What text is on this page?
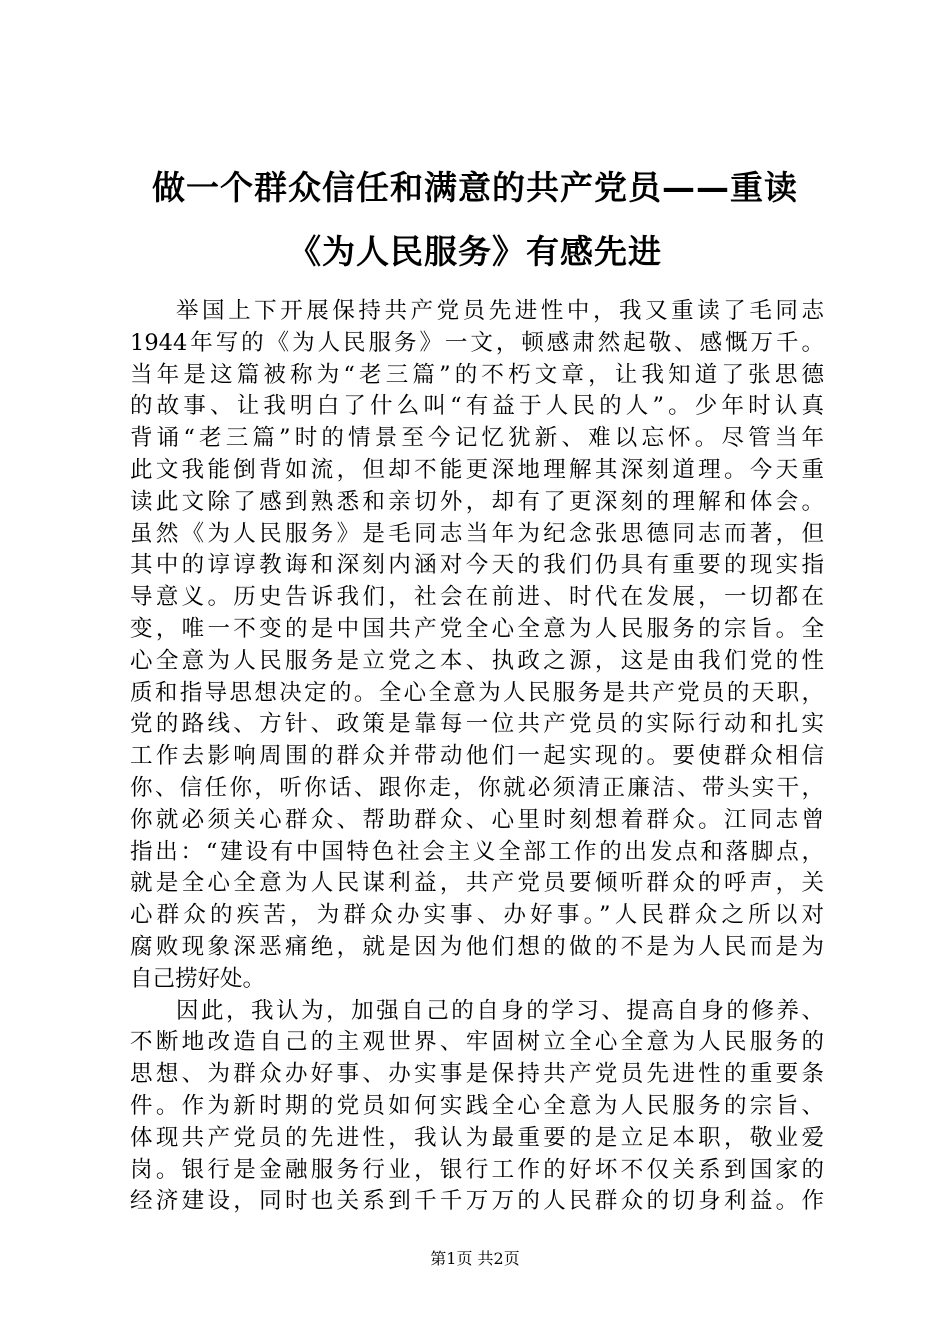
做一个群众信任和满意的共产党员——重读
《为人民服务》有感先进
举国上下开展保持共产党员先进性中，我又重读了毛同志
1944年写的《为人民服务》一文，顿感肃然起敬、感慨万千。
当年是这篇被称为“老三篇”的不朽文章，让我知道了张思德
的故事、让我明白了什么叫“有益于人民的人”。少年时认真
背诵“老三篇”时的情景至今记忆犹新、难以忘怀。尽管当年
此文我能倒背如流，但却不能更深地理解其深刻道理。今天重
读此文除了感到熟悉和亲切外，却有了更深刻的理解和体会。
虽然《为人民服务》是毛同志当年为纪念张思德同志而著，但
其中的谆谆教诲和深刻内涵对今天的我们仍具有重要的现实指
导意义。历史告诉我们，社会在前进、时代在发展，一切都在
变，唯一不变的是中国共产党全心全意为人民服务的宗旨。全
心全意为人民服务是立党之本、执政之源，这是由我们党的性
质和指导思想决定的。全心全意为人民服务是共产党员的天职，
党的路线、方针、政策是靠每一位共产党员的实际行动和扎实
工作去影响周围的群众并带动他们一起实现的。要使群众相信
你、信任你，听你话、跟你走，你就必须清正廉洁、带头实干，
你就必须关心群众、帮助群众、心里时刻想着群众。江同志曾
指出：“建设有中国特色社会主义全部工作的出发点和落脚点，
就是全心全意为人民谋利益，共产党员要倾听群众的呼声，关
心群众的疾苦，为群众办实事、办好事。”人民群众之所以对
腐败现象深恶痛绝，就是因为他们想的做的不是为人民而是为
自己捞好处。
因此，我认为，加强自己的自身的学习、提高自身的修养、
不断地改造自己的主观世界、牢固树立全心全意为人民服务的
思想、为群众办好事、办实事是保持共产党员先进性的重要条
件。作为新时期的党员如何实践全心全意为人民服务的宗旨、
体现共产党员的先进性，我认为最重要的是立足本职，敬业爱
岗。银行是金融服务行业，银行工作的好坏不仅关系到国家的
经济建设，同时也关系到千千万万的人民群众的切身利益。作
第1页 共2页
